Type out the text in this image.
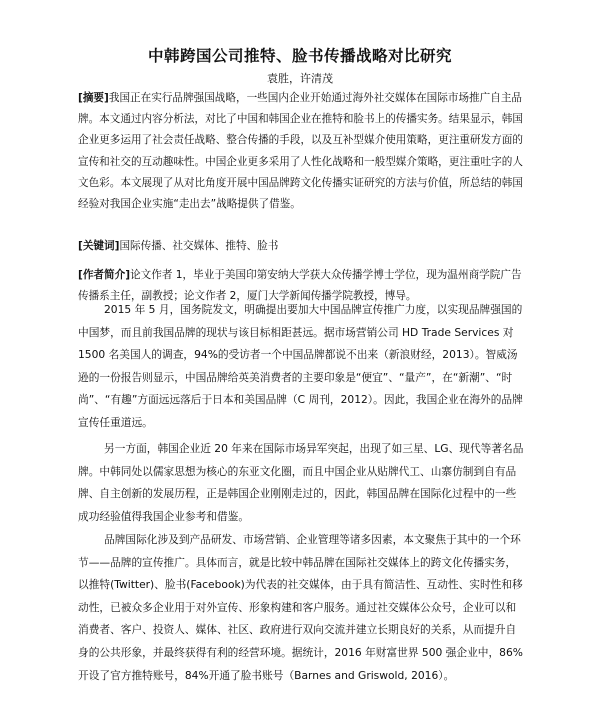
中韩跨国公司推特、脸书传播战略对比研究
袁胜，许清茂
[摘要]我国正在实行品牌强国战略，一些国内企业开始通过海外社交媒体在国际市场推广自主品牌。本文通过内容分析法，对比了中国和韩国企业在推特和脸书上的传播实务。结果显示，韩国企业更多运用了社会责任战略、整合传播的手段，以及互补型媒介使用策略，更注重研发方面的宣传和社交的互动趣味性。中国企业更多采用了人性化战略和一般型媒介策略，更注重吐字的人文色彩。本文展现了从对比角度开展中国品牌跨文化传播实证研究的方法与价值，所总结的韩国经验对我国企业实施“走出去”战略提供了借鉴。
[关键词]国际传播、社交媒体、推特、脸书
[作者简介]论文作者 1，毕业于美国印第安纳大学获大众传播学博士学位，现为温州商学院广告传播系主任，副教授；论文作者 2，厦门大学新闻传播学院教授，博导。
2015 年 5 月，国务院发文，明确提出要加大中国品牌宣传推广力度，以实现品牌强国的中国梦，而且前我国品牌的现状与该目标相距甚远。据市场营销公司 HD Trade Services 对 1500 名美国人的调查，94%的受访者一个中国品牌都说不出来（新浪财经，2013）。智威汤逊的一份报告则显示，中国品牌给英美消费者的主要印象是“便宜”、“量产”，在“新潮”、“时尚”、“有趣”方面远远落后于日本和美国品牌（C 周刊，2012）。因此，我国企业在海外的品牌宣传任重道远。
另一方面，韩国企业近 20 年来在国际市场异军突起，出现了如三星、LG、现代等著名品牌。中韩同处以儒家思想为核心的东亚文化圈，而且中国企业从贴牌代工、山寨仿制到自有品牌、自主创新的发展历程，正是韩国企业刚刚走过的，因此，韩国品牌在国际化过程中的一些成功经验值得我国企业参考和借鉴。
品牌国际化涉及到产品研发、市场营销、企业管理等诸多因素，本文聚焦于其中的一个环节——品牌的宣传推广。具体而言，就是比较中韩品牌在国际社交媒体上的跨文化传播实务，以推特(Twitter)、脸书(Facebook)为代表的社交媒体，由于具有简洁性、互动性、实时性和移动性，已被众多企业用于对外宣传、形象构建和客户服务。通过社交媒体公众号，企业可以和消费者、客户、投资人、媒体、社区、政府进行双向交流并建立长期良好的关系，从而提升自身的公共形象，并最终获得有利的经营环境。据统计，2016 年财富世界 500 强企业中，86%开设了官方推特账号，84%开通了脸书账号（Barnes and Griswold, 2016）。
